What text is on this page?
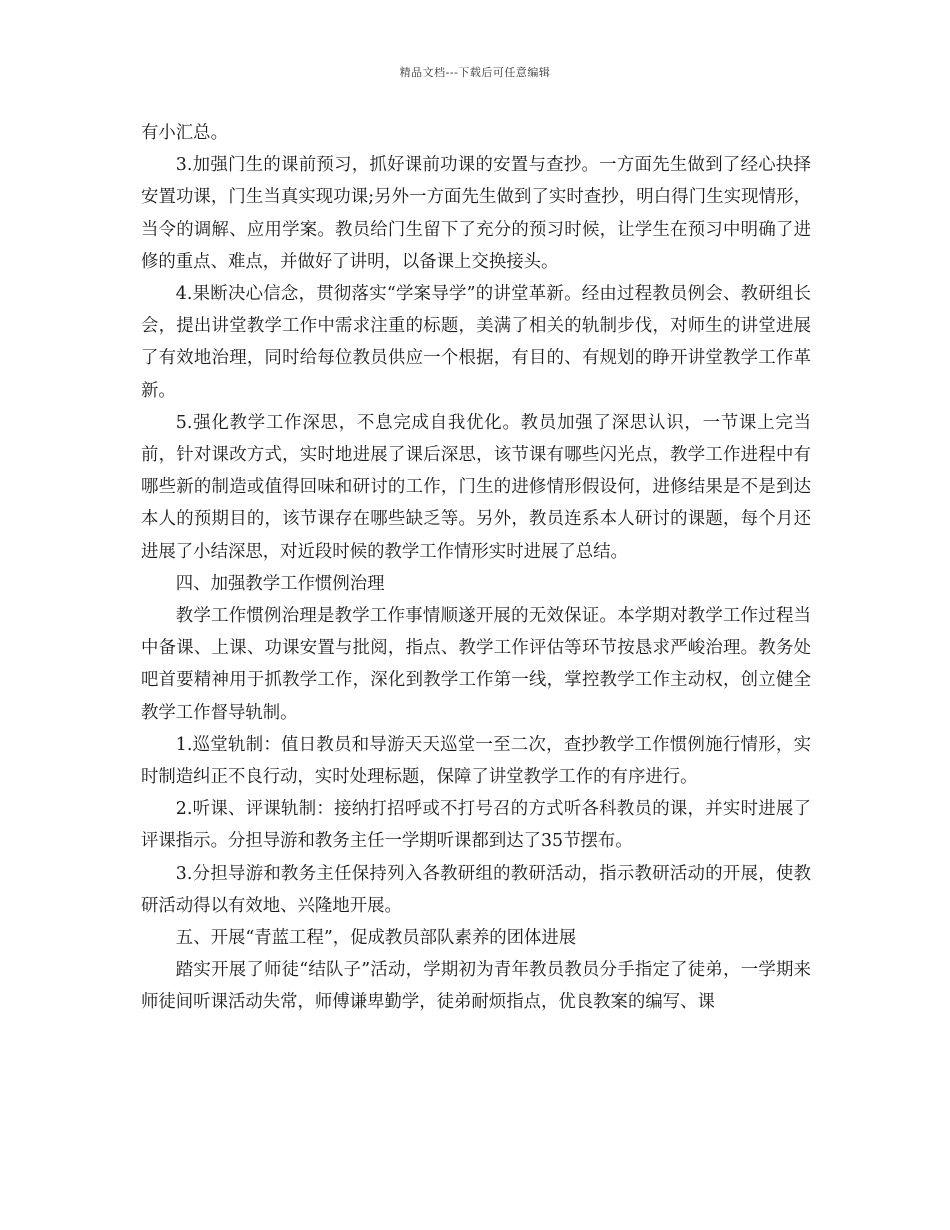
精品文档---下载后可任意编辑

有小汇总。

3.加强门生的课前预习，抓好课前功课的安置与查抄。一方面先生做到了经心抉择安置功课，门生当真实现功课;另外一方面先生做到了实时查抄，明白得门生实现情形，当令的调解、应用学案。教员给门生留下了充分的预习时候，让学生在预习中明确了进修的重点、难点，并做好了讲明，以备课上交换接头。

4.果断决心信念，贯彻落实“学案导学”的讲堂革新。经由过程教员例会、教研组长会，提出讲堂教学工作中需求注重的标题，美满了相关的轨制步伐，对师生的讲堂进展了有效地治理，同时给每位教员供应一个根据，有目的、有规划的睁开讲堂教学工作革新。

5.强化教学工作深思，不息完成自我优化。教员加强了深思认识，一节课上完当前，针对课改方式，实时地进展了课后深思，该节课有哪些闪光点，教学工作进程中有哪些新的制造或值得回味和研讨的工作，门生的进修情形假设何，进修结果是不是到达本人的预期目的，该节课存在哪些缺乏等。另外，教员连系本人研讨的课题，每个月还进展了小结深思，对近段时候的教学工作情形实时进展了总结。

四、加强教学工作惯例治理

教学工作惯例治理是教学工作事情顺遂开展的无效保证。本学期对教学工作过程当中备课、上课、功课安置与批阅，指点、教学工作评估等环节按恳求严峻治理。教务处吧首要精神用于抓教学工作，深化到教学工作第一线，掌控教学工作主动权，创立健全教学工作督导轨制。

1.巡堂轨制：值日教员和导游天天巡堂一至二次，查抄教学工作惯例施行情形，实时制造纠正不良行动，实时处理标题，保障了讲堂教学工作的有序进行。

2.听课、评课轨制：接纳打招呼或不打号召的方式听各科教员的课，并实时进展了评课指示。分担导游和教务主任一学期听课都到达了35节摆布。

3.分担导游和教务主任保持列入各教研组的教研活动，指示教研活动的开展，使教研活动得以有效地、兴隆地开展。

五、开展“青蓝工程”，促成教员部队素养的团体进展

踏实开展了师徒“结队子”活动，学期初为青年教员教员分手指定了徒弟，一学期来师徒间听课活动失常，师傅谦卑勤学，徒弟耐烦指点，优良教案的编写、课
